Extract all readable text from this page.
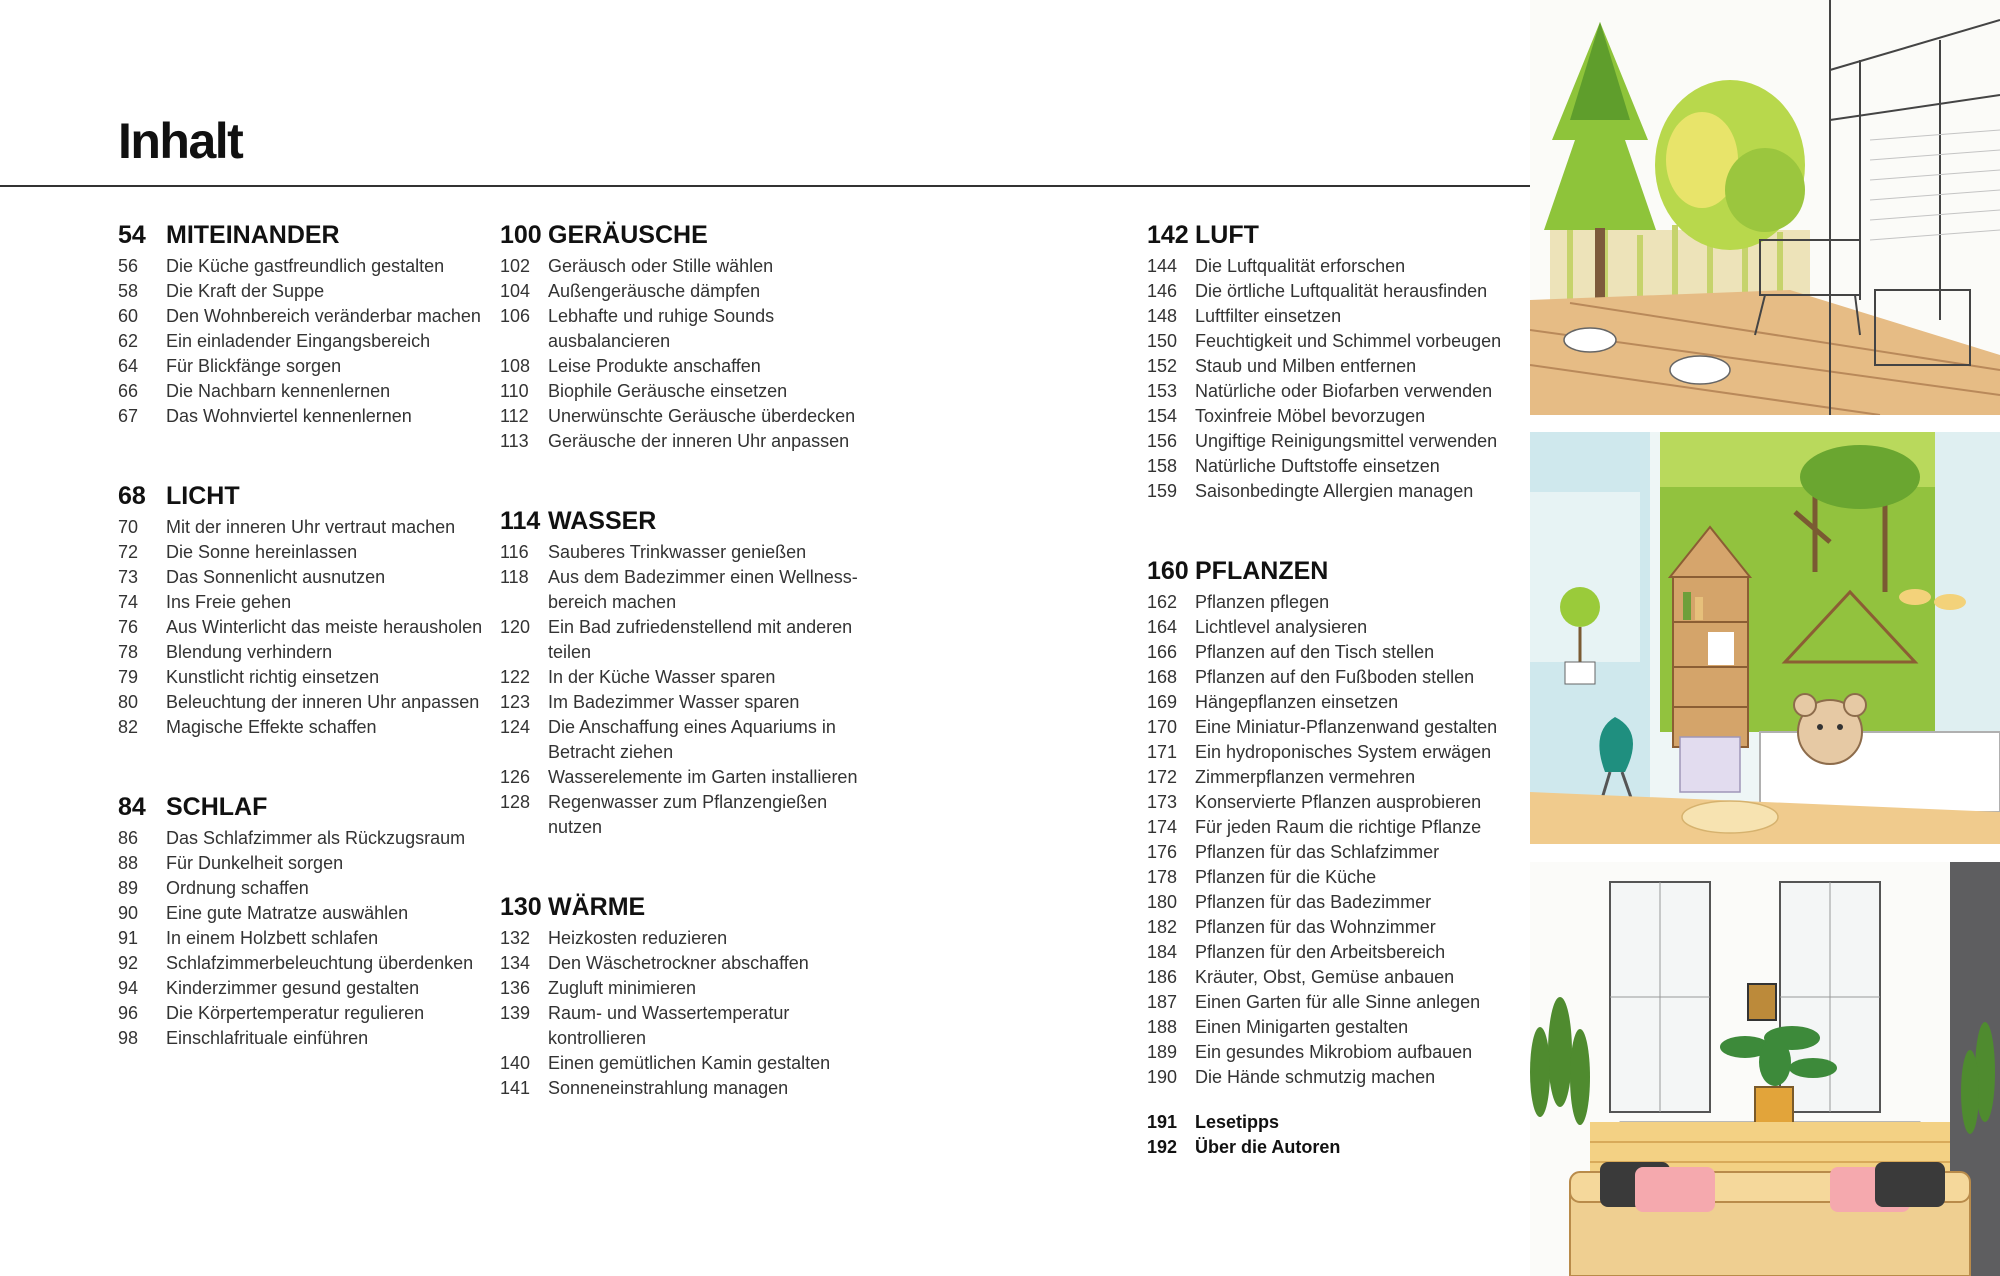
Inhalt
54 MITEINANDER
56	Die Küche gastfreundlich gestalten
58	Die Kraft der Suppe
60	Den Wohnbereich veränderbar machen
62	Ein einladender Eingangsbereich
64	Für Blickfänge sorgen
66	Die Nachbarn kennenlernen
67	Das Wohnviertel kennenlernen
68 LICHT
70	Mit der inneren Uhr vertraut machen
72	Die Sonne hereinlassen
73	Das Sonnenlicht ausnutzen
74	Ins Freie gehen
76	Aus Winterlicht das meiste herausholen
78	Blendung verhindern
79	Kunstlicht richtig einsetzen
80	Beleuchtung der inneren Uhr anpassen
82	Magische Effekte schaffen
84 SCHLAF
86	Das Schlafzimmer als Rückzugsraum
88	Für Dunkelheit sorgen
89	Ordnung schaffen
90	Eine gute Matratze auswählen
91	In einem Holzbett schlafen
92	Schlafzimmerbeleuchtung überdenken
94	Kinderzimmer gesund gestalten
96	Die Körpertemperatur regulieren
98	Einschlafrituale einführen
100 GERÄUSCHE
102 Geräusch oder Stille wählen
104 Außengeräusche dämpfen
106 Lebhafte und ruhige Sounds ausbalancieren
108 Leise Produkte anschaffen
110	Biophile Geräusche einsetzen
112	Unerwünschte Geräusche überdecken
113	Geräusche der inneren Uhr anpassen
114 WASSER
116	Sauberes Trinkwasser genießen
118	Aus dem Badezimmer einen Wellness-bereich machen
120 Ein Bad zufriedenstellend mit anderen teilen
122 In der Küche Wasser sparen
123 Im Badezimmer Wasser sparen
124 Die Anschaffung eines Aquariums in Betracht ziehen
126 Wasserelemente im Garten installieren
128 Regenwasser zum Pflanzengießen nutzen
130 WÄRME
132 Heizkosten reduzieren
134 Den Wäschetrockner abschaffen
136 Zugluft minimieren
139 Raum- und Wassertemperatur kontrollieren
140 Einen gemütlichen Kamin gestalten
141 Sonneneinstrahlung managen
142 LUFT
144 Die Luftqualität erforschen
146 Die örtliche Luftqualität herausfinden
148 Luftfilter einsetzen
150 Feuchtigkeit und Schimmel vorbeugen
152 Staub und Milben entfernen
153 Natürliche oder Biofarben verwenden
154 Toxinfreie Möbel bevorzugen
156 Ungiftige Reinigungsmittel verwenden
158 Natürliche Duftstoffe einsetzen
159 Saisonbedingte Allergien managen
160 PFLANZEN
162 Pflanzen pflegen
164 Lichtlevel analysieren
166 Pflanzen auf den Tisch stellen
168 Pflanzen auf den Fußboden stellen
169 Hängepflanzen einsetzen
170 Eine Miniatur-Pflanzenwand gestalten
171 Ein hydroponisches System erwägen
172 Zimmerpflanzen vermehren
173 Konservierte Pflanzen ausprobieren
174 Für jeden Raum die richtige Pflanze
176 Pflanzen für das Schlafzimmer
178 Pflanzen für die Küche
180 Pflanzen für das Badezimmer
182 Pflanzen für das Wohnzimmer
184 Pflanzen für den Arbeitsbereich
186 Kräuter, Obst, Gemüse anbauen
187 Einen Garten für alle Sinne anlegen
188 Einen Minigarten gestalten
189 Ein gesundes Mikrobiom aufbauen
190 Die Hände schmutzig machen
191 Lesetipps
192 Über die Autoren
